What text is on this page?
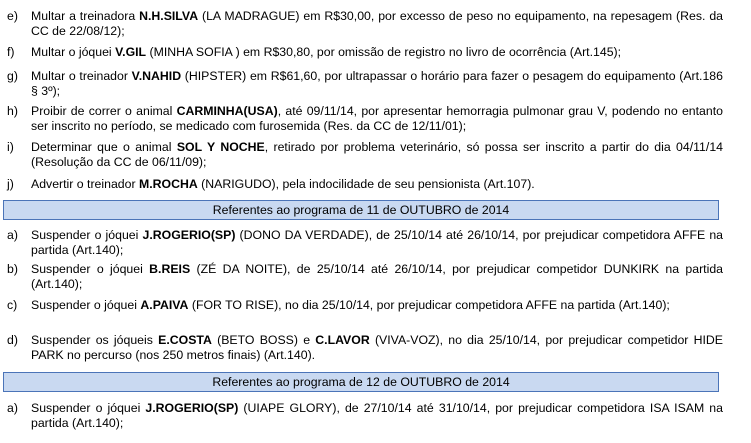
e) Multar a treinadora N.H.SILVA (LA MADRAGUE) em R$30,00, por excesso de peso no equipamento, na repesagem (Res. da CC de 22/08/12);
f) Multar o jóquei V.GIL (MINHA SOFIA ) em R$30,80, por omissão de registro no livro de ocorrência (Art.145);
g) Multar o treinador V.NAHID (HIPSTER) em R$61,60, por ultrapassar o horário para fazer o pesagem do equipamento (Art.186 § 3º);
h) Proibir de correr o animal CARMINHA(USA), até 09/11/14, por apresentar hemorragia pulmonar grau V, podendo no entanto ser inscrito no período, se medicado com furosemida (Res. da CC de 12/11/01);
i) Determinar que o animal SOL Y NOCHE, retirado por problema veterinário, só possa ser inscrito a partir do dia 04/11/14 (Resolução da CC de 06/11/09);
j) Advertir o treinador M.ROCHA (NARIGUDO), pela indocilidade de seu pensionista (Art.107).
Referentes ao programa de 11 de OUTUBRO de 2014
a) Suspender o jóquei J.ROGERIO(SP) (DONO DA VERDADE), de 25/10/14 até 26/10/14, por prejudicar competidora AFFE na partida (Art.140);
b) Suspender o jóquei B.REIS (ZÉ DA NOITE), de 25/10/14 até 26/10/14, por prejudicar competidor DUNKIRK na partida (Art.140);
c) Suspender o jóquei A.PAIVA (FOR TO RISE), no dia 25/10/14, por prejudicar competidora AFFE na partida (Art.140);
d) Suspender os jóqueis E.COSTA (BETO BOSS) e C.LAVOR (VIVA-VOZ), no dia 25/10/14, por prejudicar competidor HIDE PARK no percurso (nos 250 metros finais) (Art.140).
Referentes ao programa de 12 de OUTUBRO de 2014
a) Suspender o jóquei J.ROGERIO(SP) (UIAPE GLORY), de 27/10/14 até 31/10/14, por prejudicar competidora ISA ISAM na partida (Art.140);
